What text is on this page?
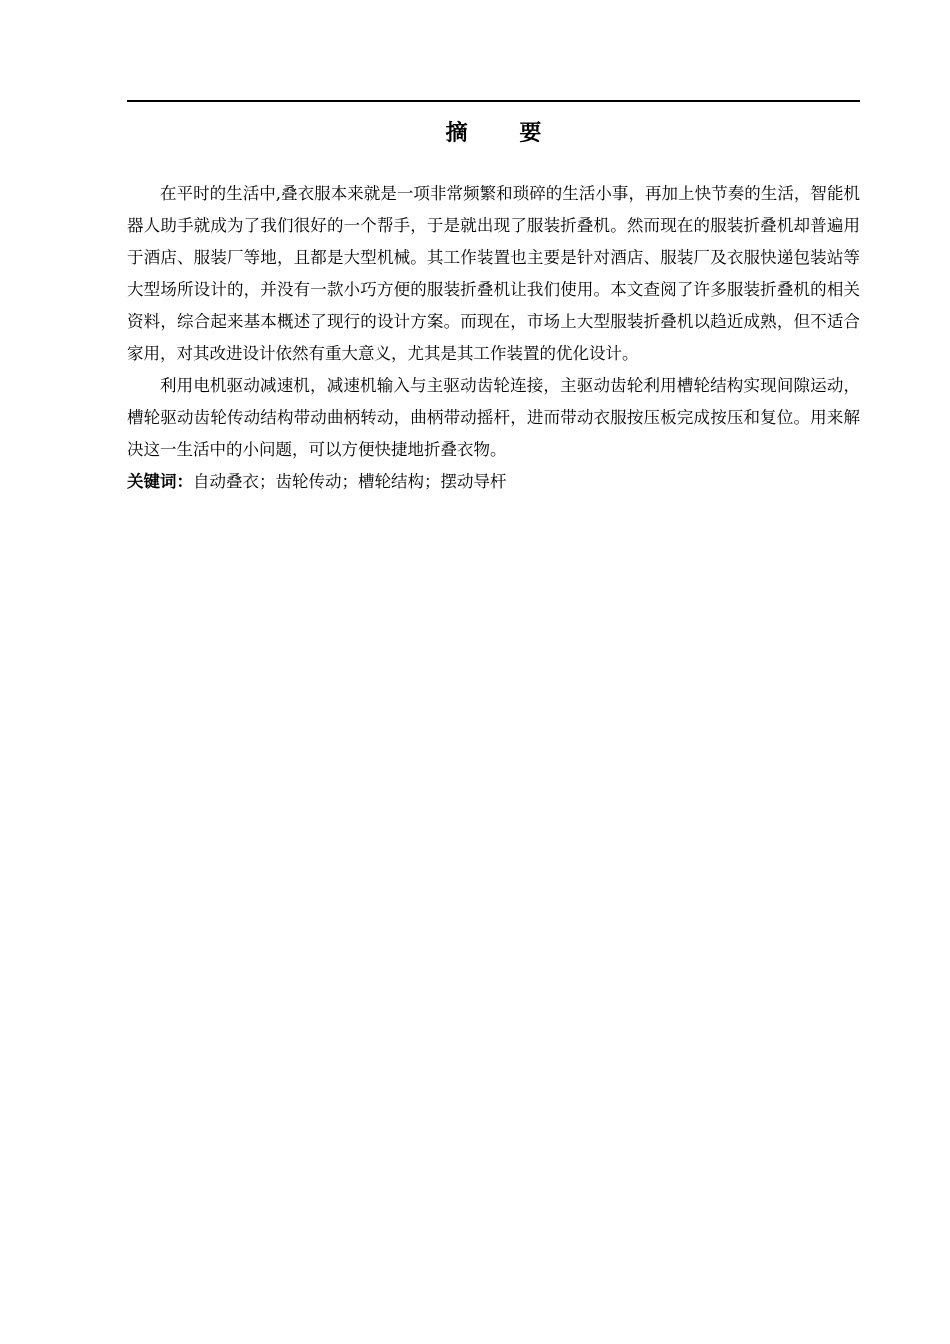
摘 要

在平时的生活中,叠衣服本来就是一项非常频繁和琐碎的生活小事，再加上快节奏的生活，智能机器人助手就成为了我们很好的一个帮手，于是就出现了服装折叠机。然而现在的服装折叠机却普遍用于酒店、服装厂等地，且都是大型机械。其工作装置也主要是针对酒店、服装厂及衣服快递包装站等大型场所设计的，并没有一款小巧方便的服装折叠机让我们使用。本文查阅了许多服装折叠机的相关资料，综合起来基本概述了现行的设计方案。而现在，市场上大型服装折叠机以趋近成熟，但不适合家用，对其改进设计依然有重大意义，尤其是其工作装置的优化设计。

利用电机驱动减速机，减速机输入与主驱动齿轮连接，主驱动齿轮利用槽轮结构实现间隙运动，槽轮驱动齿轮传动结构带动曲柄转动，曲柄带动摇杆，进而带动衣服按压板完成按压和复位。用来解决这一生活中的小问题，可以方便快捷地折叠衣物。

关键词：自动叠衣；齿轮传动；槽轮结构；摆动导杆
